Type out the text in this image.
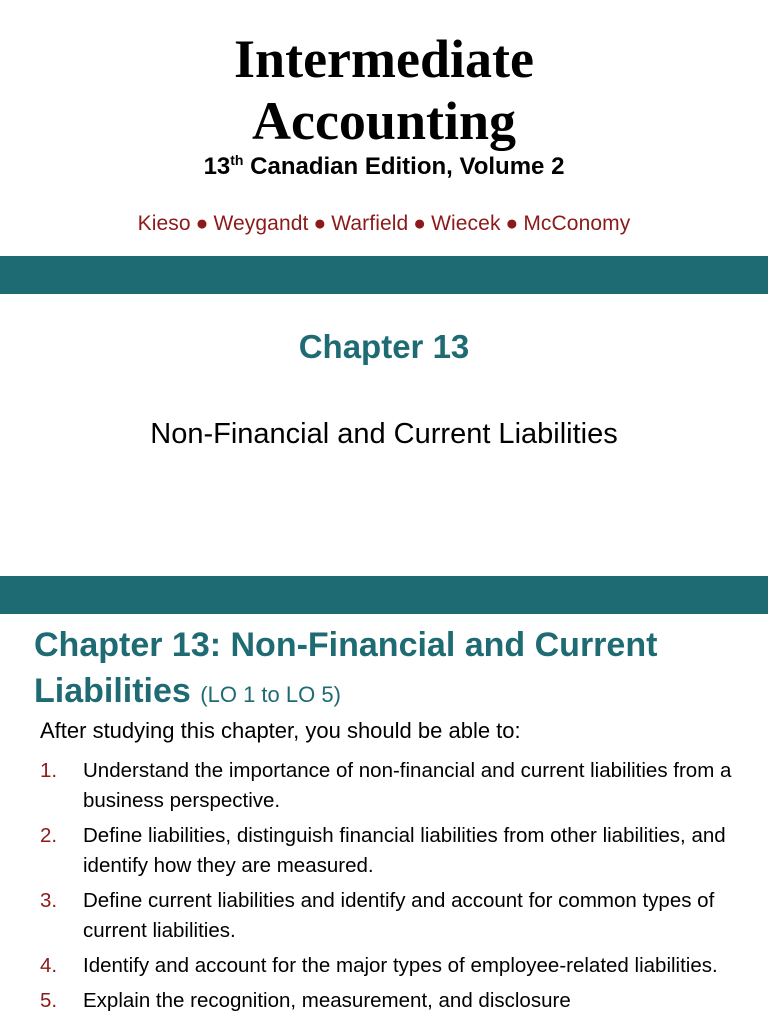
Intermediate
Accounting
13th Canadian Edition, Volume 2
Kieso ● Weygandt ● Warfield ● Wiecek ● McConomy
Chapter 13
Non-Financial and Current Liabilities
Chapter 13: Non-Financial and Current
Liabilities (LO 1 to LO 5)
After studying this chapter, you should be able to:
1. Understand the importance of non-financial and current liabilities from a business perspective.
2. Define liabilities, distinguish financial liabilities from other liabilities, and identify how they are measured.
3. Define current liabilities and identify and account for common types of current liabilities.
4. Identify and account for the major types of employee-related liabilities.
5. Explain the recognition, measurement, and disclosure
